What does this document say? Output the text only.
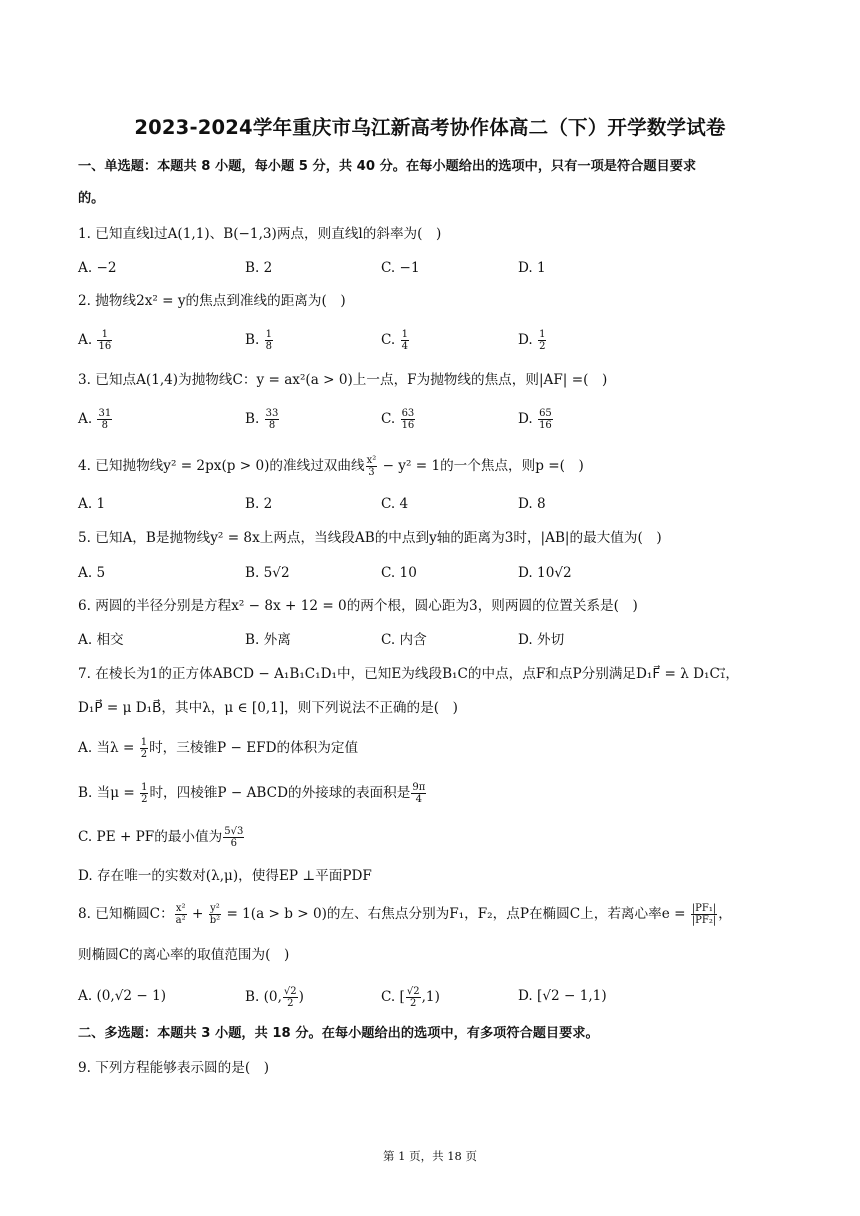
2023-2024学年重庆市乌江新高考协作体高二（下）开学数学试卷
一、单选题：本题共 8 小题，每小题 5 分，共 40 分。在每小题给出的选项中，只有一项是符合题目要求
的。
1. 已知直线l过A(1,1)、B(−1,3)两点，则直线l的斜率为(　)
A. −2	B. 2	C. −1	D. 1
2. 抛物线2x² = y的焦点到准线的距离为(　)
A. $\frac{1}{16}$	B. $\frac{1}{8}$	C. $\frac{1}{4}$	D. $\frac{1}{2}$
3. 已知点A(1,4)为抛物线C：y = ax²(a > 0)上一点，F为抛物线的焦点，则|AF| =(　)
A. $\frac{31}{8}$	B. $\frac{33}{8}$	C. $\frac{63}{16}$	D. $\frac{65}{16}$
4. 已知抛物线y² = 2px(p > 0)的准线过双曲线 $\frac{\text{x²}}{3} - y^2 = 1$的一个焦点，则p =(　)
A. 1	B. 2	C. 4	D. 8
5. 已知A，B是抛物线y² = 8x上两点，当线段AB的中点到y轴的距离为3时，|AB|的最大值为(　)
A. 5	B. 5√2	C. 10	D. 10√2
6. 两圆的半径分别是方程x² − 8x + 12 = 0的两个根，圆心距为3，则两圆的位置关系是(　)
A. 相交	B. 外离	C. 内含	D. 外切
7. 在棱长为1的正方体ABCD − A₁B₁C₁D₁中，已知E为线段B₁C的中点，点F和点P分别满足D₁F⃗ = λ D₁C₁⃗，
D₁P⃗ = μ D₁B⃗，其中λ，μ ∈ [0,1]，则下列说法不正确的是(　)
A. 当$\lambda = \frac{1}{2}$ 时，三棱锥P − EFD的体积为定值
B. 当$\mu = \frac{1}{2}$ 时，四棱锥P − ABCD的外接球的表面积是 $\frac{9\pi}{4}$
C. PE + PF的最小值为 $\frac{5√3}{6}$
D. 存在唯一的实数对(λ,μ)，使得EP ⊥平面PDF
8. 已知椭圆C： $\frac{\text{x²}}{\text{a²}} + \frac{\text{y²}}{\text{b²}} = 1(a > b > 0)$的左、右焦点分别为F₁，F₂，点P在椭圆C上，若离心率$e = \frac{\text{|PF₁|}}{\text{|PF₂|}}$ ，
则椭圆C的离心率的取值范围为(　)
A. (0,√2 − 1)	B. (0, $\frac{√2}{2}$ )	C. [ $\frac{√2}{2} ,1$)	D. [√2 − 1,1)
二、多选题：本题共 3 小题，共 18 分。在每小题给出的选项中，有多项符合题目要求。
9. 下列方程能够表示圆的是(　)
第 1 页，共 18 页
